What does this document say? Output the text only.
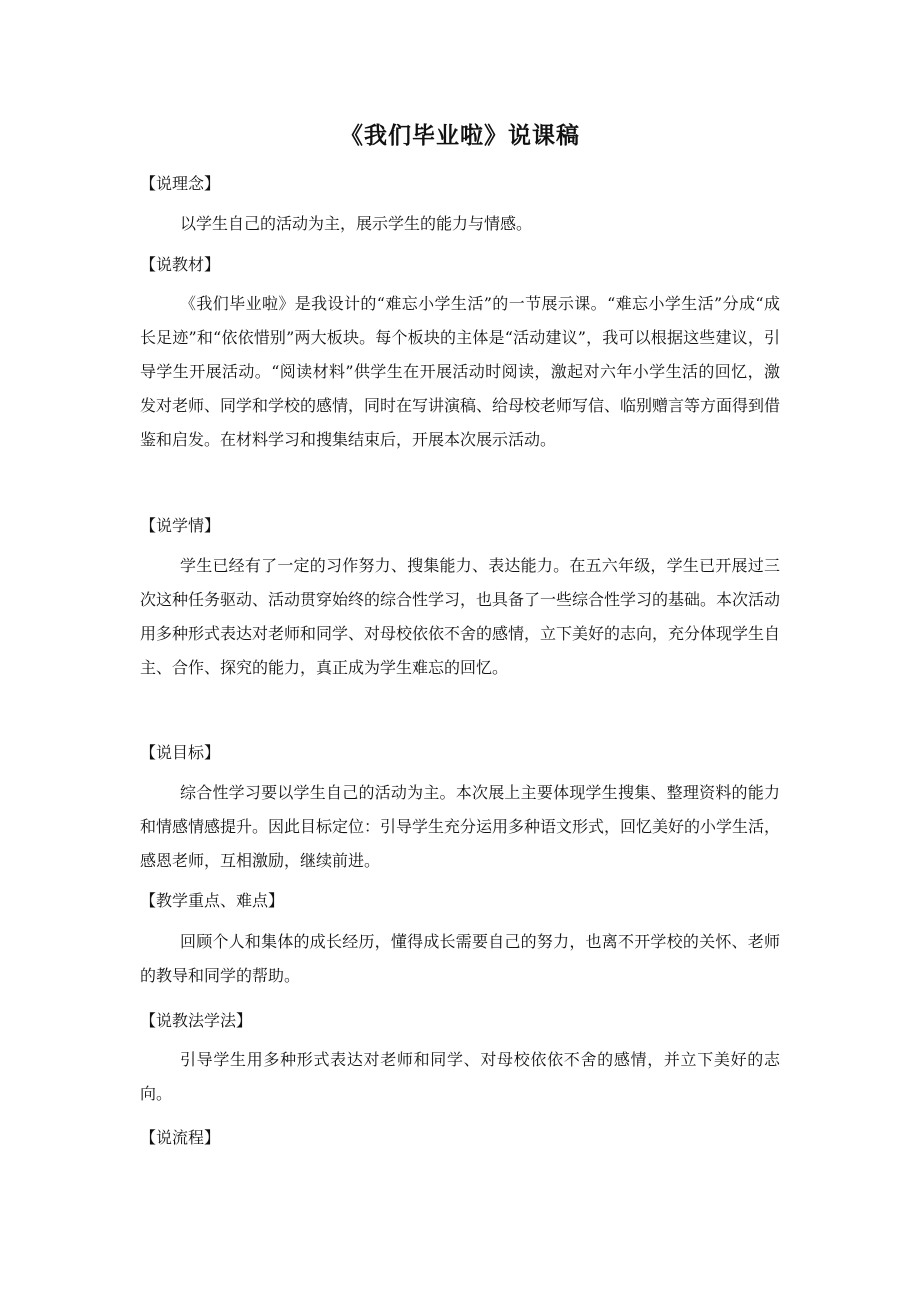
《我们毕业啦》说课稿
【说理念】
以学生自己的活动为主，展示学生的能力与情感。
【说教材】
《我们毕业啦》是我设计的“难忘小学生活”的一节展示课。“难忘小学生活”分成“成长足迹”和“依依惜别”两大板块。每个板块的主体是“活动建议”，我可以根据这些建议，引导学生开展活动。“阅读材料”供学生在开展活动时阅读，激起对六年小学生活的回忆，激发对老师、同学和学校的感情，同时在写讲演稿、给母校老师写信、临别赠言等方面得到借鉴和启发。在材料学习和搜集结束后，开展本次展示活动。
【说学情】
学生已经有了一定的习作努力、搜集能力、表达能力。在五六年级，学生已开展过三次这种任务驱动、活动贯穿始终的综合性学习，也具备了一些综合性学习的基础。本次活动用多种形式表达对老师和同学、对母校依依不舍的感情，立下美好的志向，充分体现学生自主、合作、探究的能力，真正成为学生难忘的回忆。
【说目标】
综合性学习要以学生自己的活动为主。本次展上主要体现学生搜集、整理资料的能力和情感情感提升。因此目标定位：引导学生充分运用多种语文形式，回忆美好的小学生活，感恩老师，互相激励，继续前进。
【教学重点、难点】
回顾个人和集体的成长经历，懂得成长需要自己的努力，也离不开学校的关怀、老师的教导和同学的帮助。
【说教法学法】
引导学生用多种形式表达对老师和同学、对母校依依不舍的感情，并立下美好的志向。
【说流程】
